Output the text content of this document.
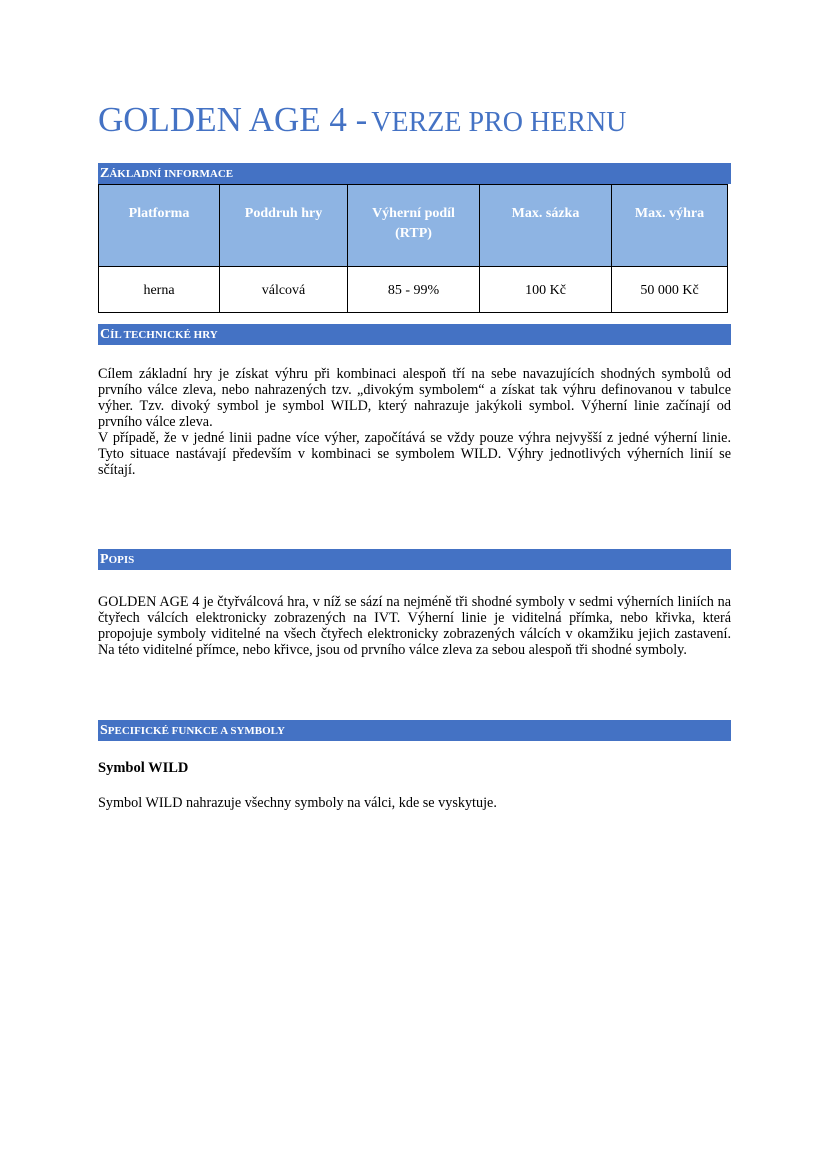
GOLDEN AGE 4 - VERZE PRO HERNU
ZÁKLADNÍ INFORMACE
Platforma	Poddruh hry	Výherní podíl (RTP)	Max. sázka	Max. výhra
herna	válcová	85 - 99%	100 Kč	50 000 Kč
CÍL TECHNICKÉ HRY

Cílem základní hry je získat výhru při kombinaci alespoň tří na sebe navazujících shodných symbolů od prvního válce zleva, nebo nahrazených tzv. „divokým symbolem“ a získat tak výhru definovanou v tabulce výher. Tzv. divoký symbol je symbol WILD, který nahrazuje jakýkoli symbol. Výherní linie začínají od prvního válce zleva.

V případě, že v jedné linii padne více výher, započítává se vždy pouze výhra nejvyšší z jedné výherní linie. Tyto situace nastávají především v kombinaci se symbolem WILD. Výhry jednotlivých výherních linií se sčítají.

POPIS

GOLDEN AGE 4 je čtyřválcová hra, v níž se sází na nejméně tři shodné symboly v sedmi výherních liniích na čtyřech válcích elektronicky zobrazených na IVT. Výherní linie je viditelná přímka, nebo křivka, která propojuje symboly viditelné na všech čtyřech elektronicky zobrazených válcích v okamžiku jejich zastavení. Na této viditelné přímce, nebo křivce, jsou od prvního válce zleva za sebou alespoň tři shodné symboly.

SPECIFICKÉ FUNKCE A SYMBOLY
Symbol WILD

Symbol WILD nahrazuje všechny symboly na válci, kde se vyskytuje.
